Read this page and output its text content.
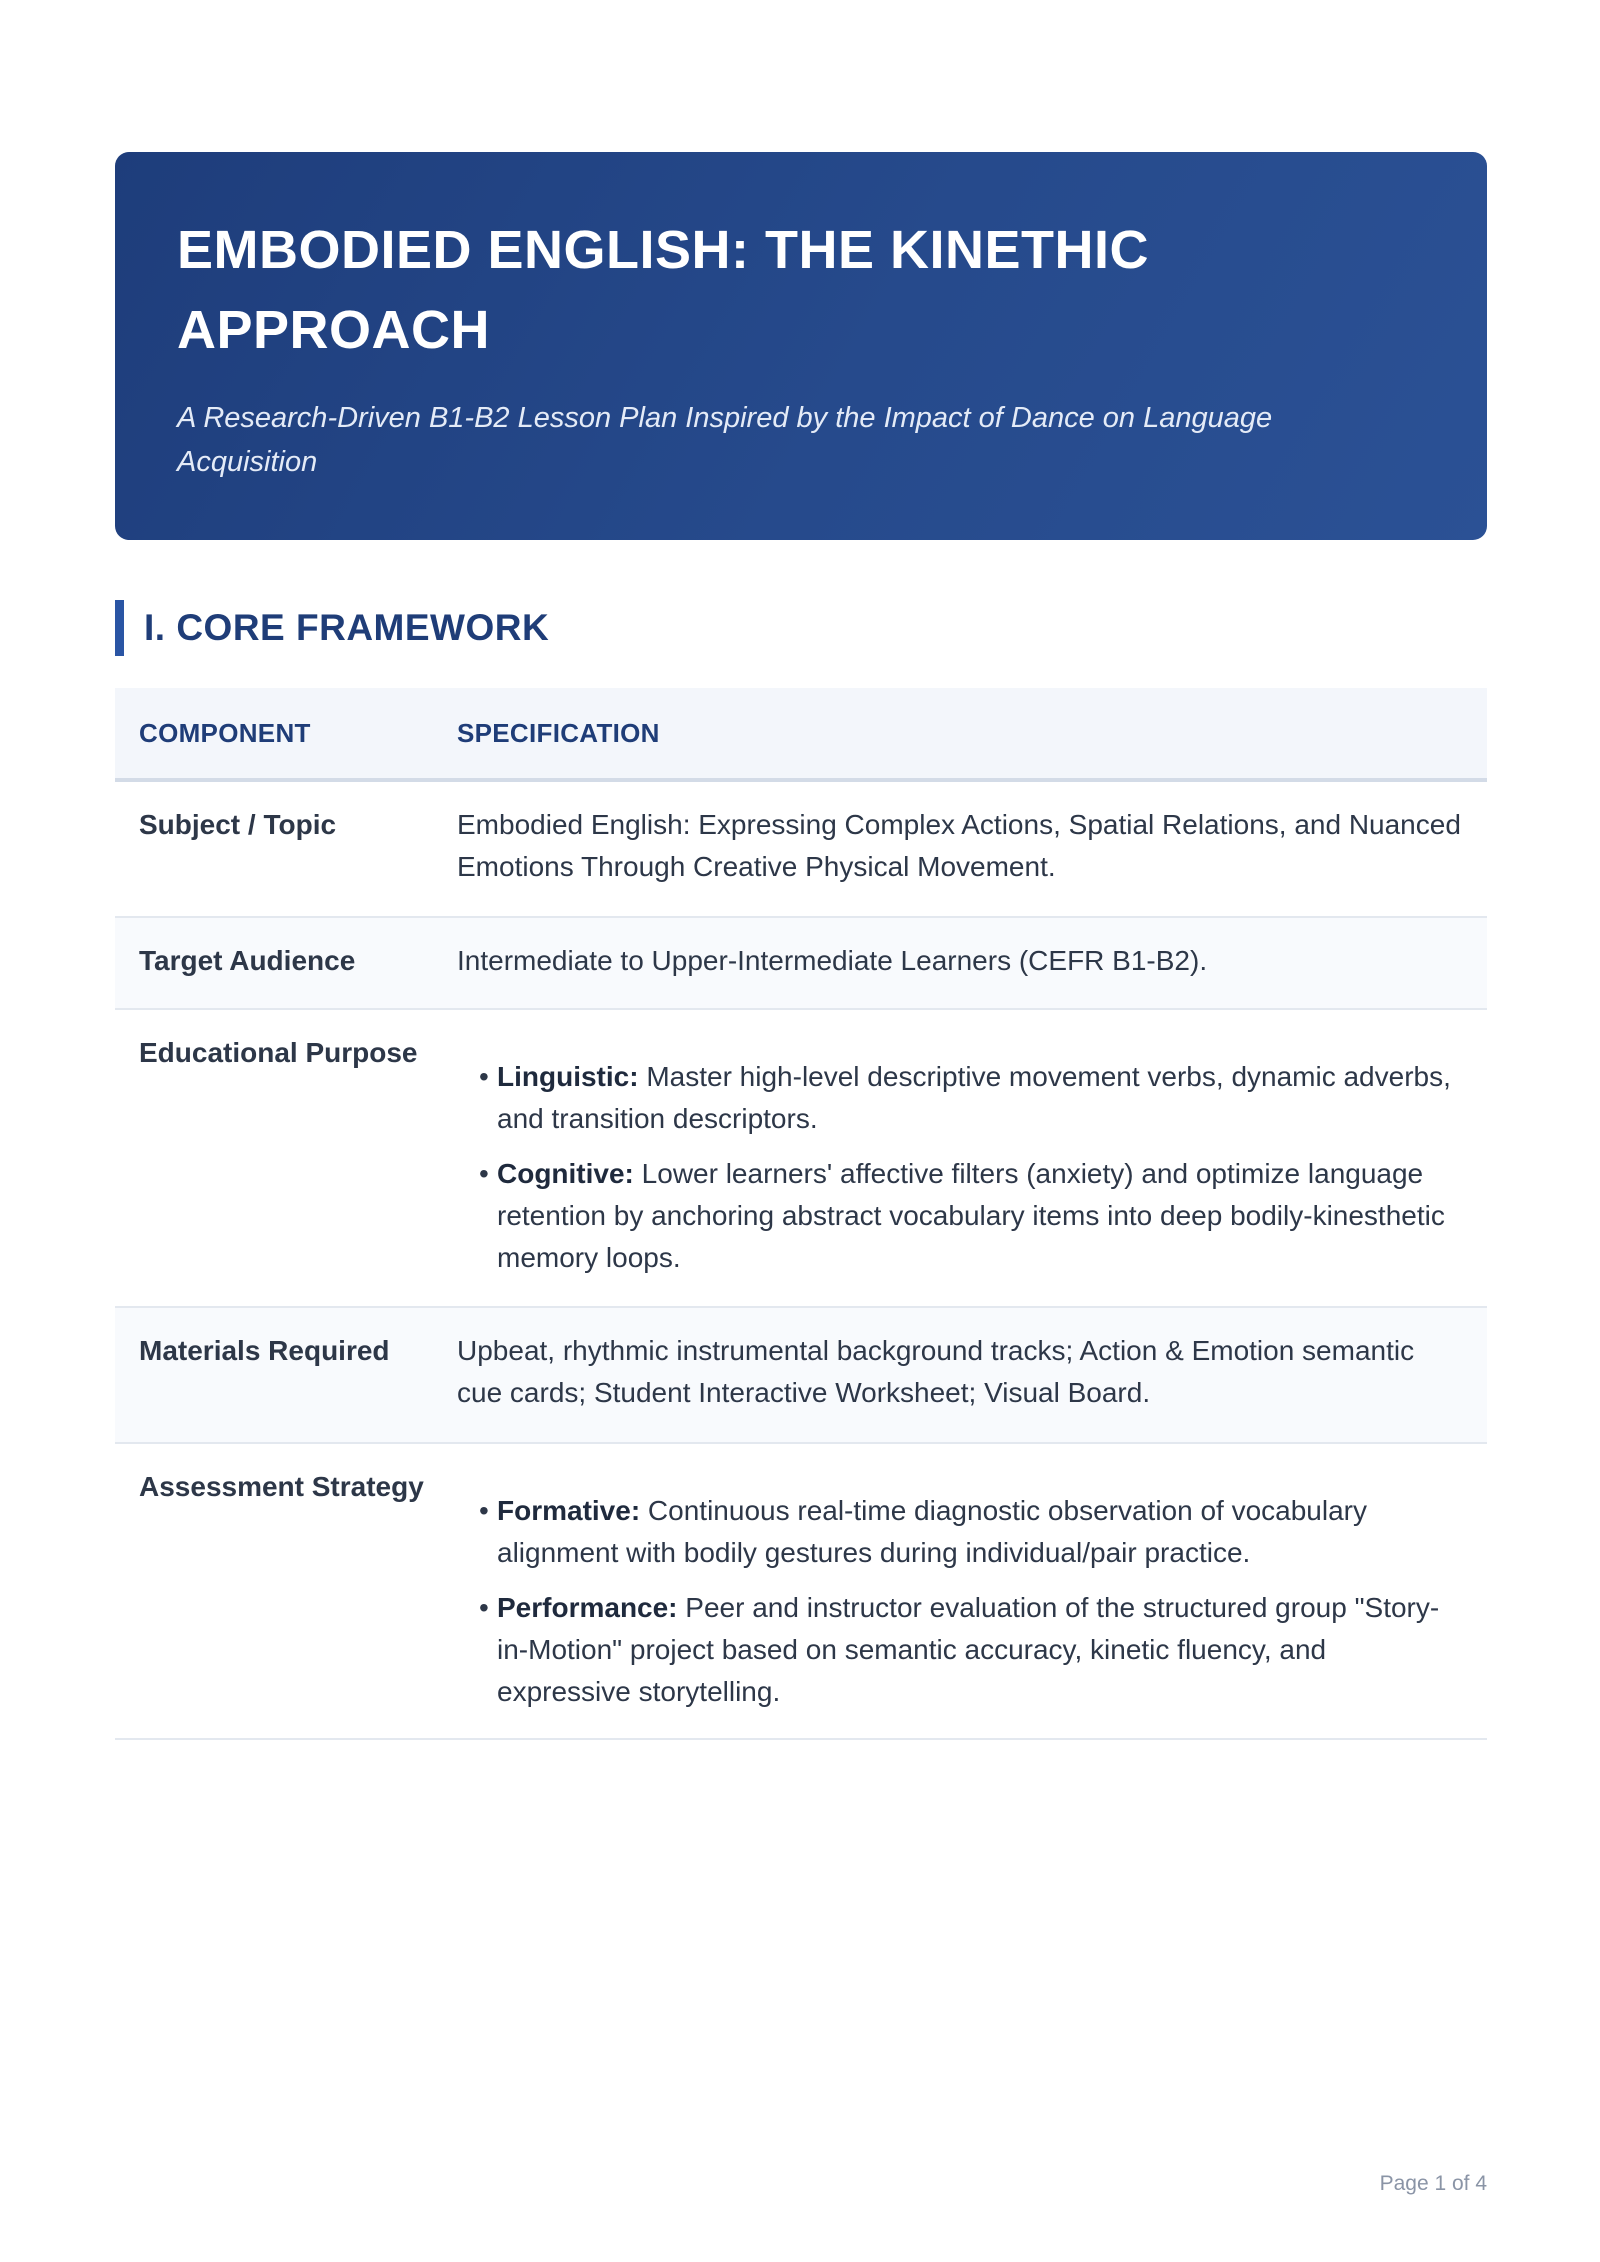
EMBODIED ENGLISH: THE KINETHIC APPROACH

A Research-Driven B1-B2 Lesson Plan Inspired by the Impact of Dance on Language Acquisition

I. CORE FRAMEWORK
COMPONENT	SPECIFICATION
Subject / Topic	Embodied English: Expressing Complex Actions, Spatial Relations, and Nuanced Emotions Through Creative Physical Movement.
Target Audience	Intermediate to Upper-Intermediate Learners (CEFR B1-B2).
Educational Purpose
• Linguistic: Master high-level descriptive movement verbs, dynamic adverbs, and transition descriptors.
• Cognitive: Lower learners' affective filters (anxiety) and optimize language retention by anchoring abstract vocabulary items into deep bodily-kinesthetic memory loops.
Materials Required	Upbeat, rhythmic instrumental background tracks; Action & Emotion semantic cue cards; Student Interactive Worksheet; Visual Board.
Assessment Strategy
• Formative: Continuous real-time diagnostic observation of vocabulary alignment with bodily gestures during individual/pair practice.
• Performance: Peer and instructor evaluation of the structured group "Story-in-Motion" project based on semantic accuracy, kinetic fluency, and expressive storytelling.
Page 1 of 4
